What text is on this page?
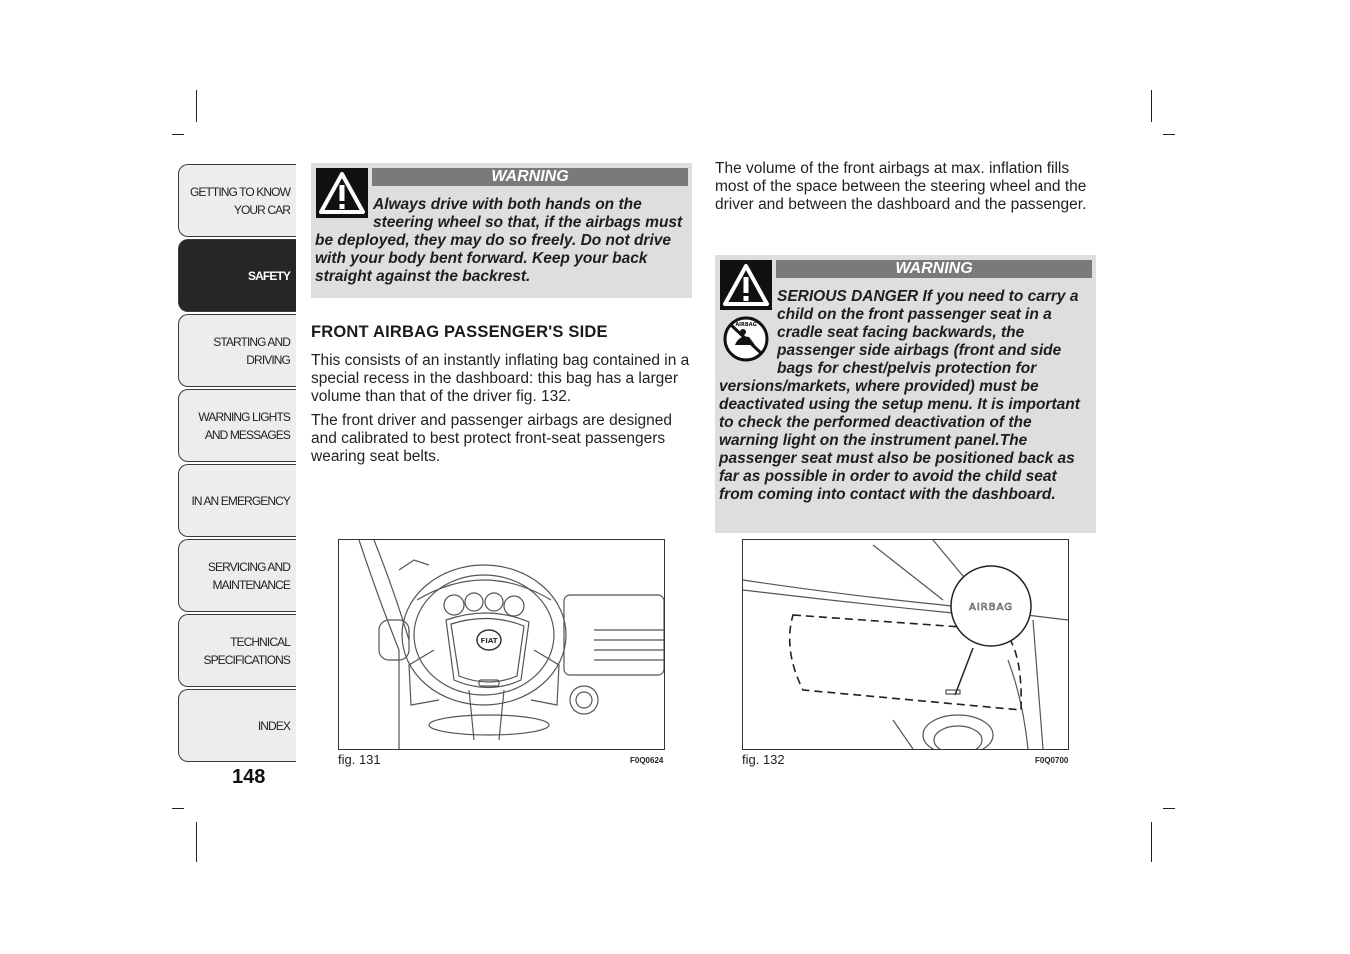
GETTING TO KNOW
YOUR CAR
SAFETY
STARTING AND
DRIVING
WARNING LIGHTS
AND MESSAGES
IN AN EMERGENCY
SERVICING AND
MAINTENANCE
TECHNICAL
SPECIFICATIONS
INDEX
148
WARNING
Always drive with both hands on the steering wheel so that, if the airbags must be deployed, they may do so freely. Do not drive with your body bent forward. Keep your back straight against the backrest.
FRONT AIRBAG PASSENGER'S SIDE

This consists of an instantly inflating bag contained in a special recess in the dashboard: this bag has a larger volume than that of the driver fig. 132.

The front driver and passenger airbags are designed and calibrated to best protect front-seat passengers wearing seat belts.

The volume of the front airbags at max. inflation fills most of the space between the steering wheel and the driver and between the dashboard and the passenger.
AIRBAG
WARNING
SERIOUS DANGER If you need to carry a child on the front passenger seat in a cradle seat facing backwards, the passenger side airbags (front and side bags for chest/pelvis protection for versions/markets, where provided) must be deactivated using the setup menu. It is important to check the performed deactivation of the warning light on the instrument panel.The passenger seat must also be positioned back as far as possible in order to avoid the child seat from coming into contact with the dashboard.
FIAT
fig. 131	F0Q0624
AIRBAG
fig. 132	F0Q0700
